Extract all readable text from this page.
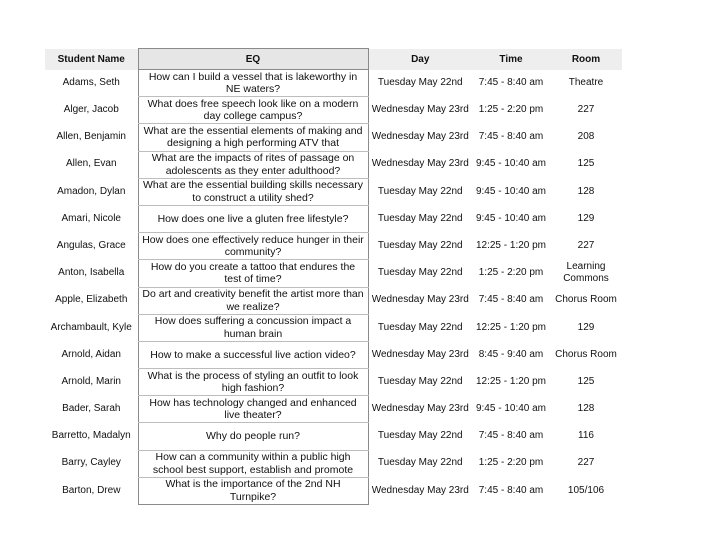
Student Name	EQ	Day	Time	Room
Adams, Seth	How can I build a vessel that is lakeworthy in NE waters?	Tuesday May 22nd	7:45 - 8:40 am	Theatre
Alger, Jacob	What does free speech look like on a modern day college campus?	Wednesday May 23rd	1:25 - 2:20 pm	227
Allen, Benjamin	What are the essential elements of making and designing a high performing ATV that	Wednesday May 23rd	7:45 - 8:40 am	208
Allen, Evan	What are the impacts of rites of passage on adolescents as they enter adulthood?	Wednesday May 23rd	9:45 - 10:40 am	125
Amadon, Dylan	What are the essential building skills necessary to construct a utility shed?	Tuesday May 22nd	9:45 - 10:40 am	128
Amari, Nicole	How does one live a gluten free lifestyle?	Tuesday May 22nd	9:45 - 10:40 am	129
Angulas, Grace	How does one effectively reduce hunger in their community?	Tuesday May 22nd	12:25 - 1:20 pm	227
Anton, Isabella	How do you create a tattoo that endures the test of time?	Tuesday May 22nd	1:25 - 2:20 pm	Learning Commons
Apple, Elizabeth	Do art and creativity benefit the artist more than we realize?	Wednesday May 23rd	7:45 - 8:40 am	Chorus Room
Archambault, Kyle	How does suffering a concussion impact a human brain	Tuesday May 22nd	12:25 - 1:20 pm	129
Arnold, Aidan	How to make a successful live action video?	Wednesday May 23rd	8:45 - 9:40 am	Chorus Room
Arnold, Marin	What is the process of styling an outfit to look high fashion?	Tuesday May 22nd	12:25 - 1:20 pm	125
Bader, Sarah	How has technology changed and enhanced live theater?	Wednesday May 23rd	9:45 - 10:40 am	128
Barretto, Madalyn	Why do people run?	Tuesday May 22nd	7:45 - 8:40 am	116
Barry, Cayley	How can a community within a public high school best support, establish and promote	Tuesday May 22nd	1:25 - 2:20 pm	227
Barton, Drew	What is the importance of the 2nd NH Turnpike?	Wednesday May 23rd	7:45 - 8:40 am	105/106
